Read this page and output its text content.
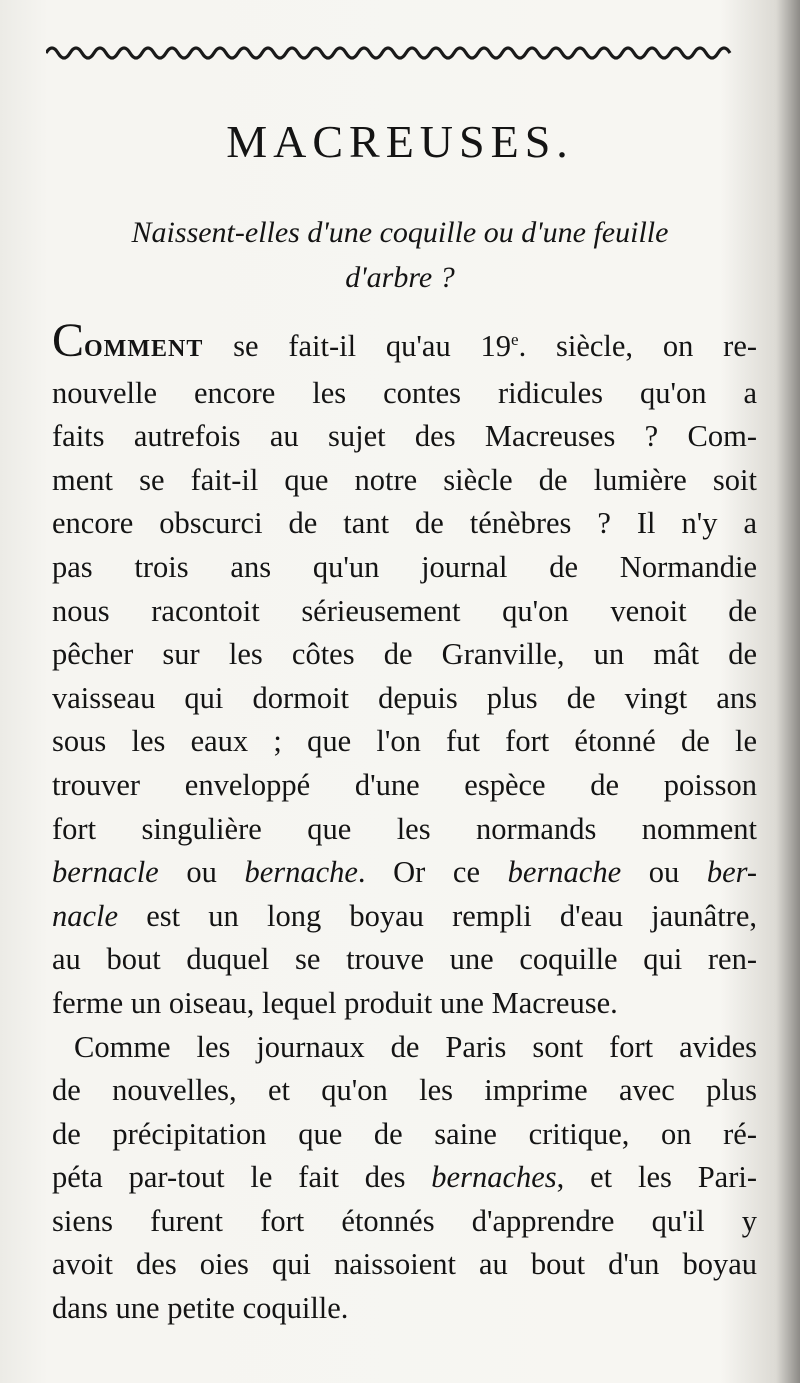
MACREUSES.
Naissent-elles d'une coquille ou d'une feuille
d'arbre ?
COMMENT se fait-il qu'au 19e. siècle, on re-
nouvelle encore les contes ridicules qu'on a
faits autrefois au sujet des Macreuses ? Com-
ment se fait-il que notre siècle de lumière soit
encore obscurci de tant de ténèbres ? Il n'y a
pas trois ans qu'un journal de Normandie
nous racontoit sérieusement qu'on venoit de
pêcher sur les côtes de Granville, un mât de
vaisseau qui dormoit depuis plus de vingt ans
sous les eaux ; que l'on fut fort étonné de le
trouver enveloppé d'une espèce de poisson
fort singulière que les normands nomment
bernacle ou bernache. Or ce bernache ou ber-
nacle est un long boyau rempli d'eau jaunâtre,
au bout duquel se trouve une coquille qui ren-
ferme un oiseau, lequel produit une Macreuse.
Comme les journaux de Paris sont fort avides
de nouvelles, et qu'on les imprime avec plus
de précipitation que de saine critique, on ré-
péta par-tout le fait des bernaches, et les Pari-
siens furent fort étonnés d'apprendre qu'il y
avoit des oies qui naissoient au bout d'un boyau
dans une petite coquille.
